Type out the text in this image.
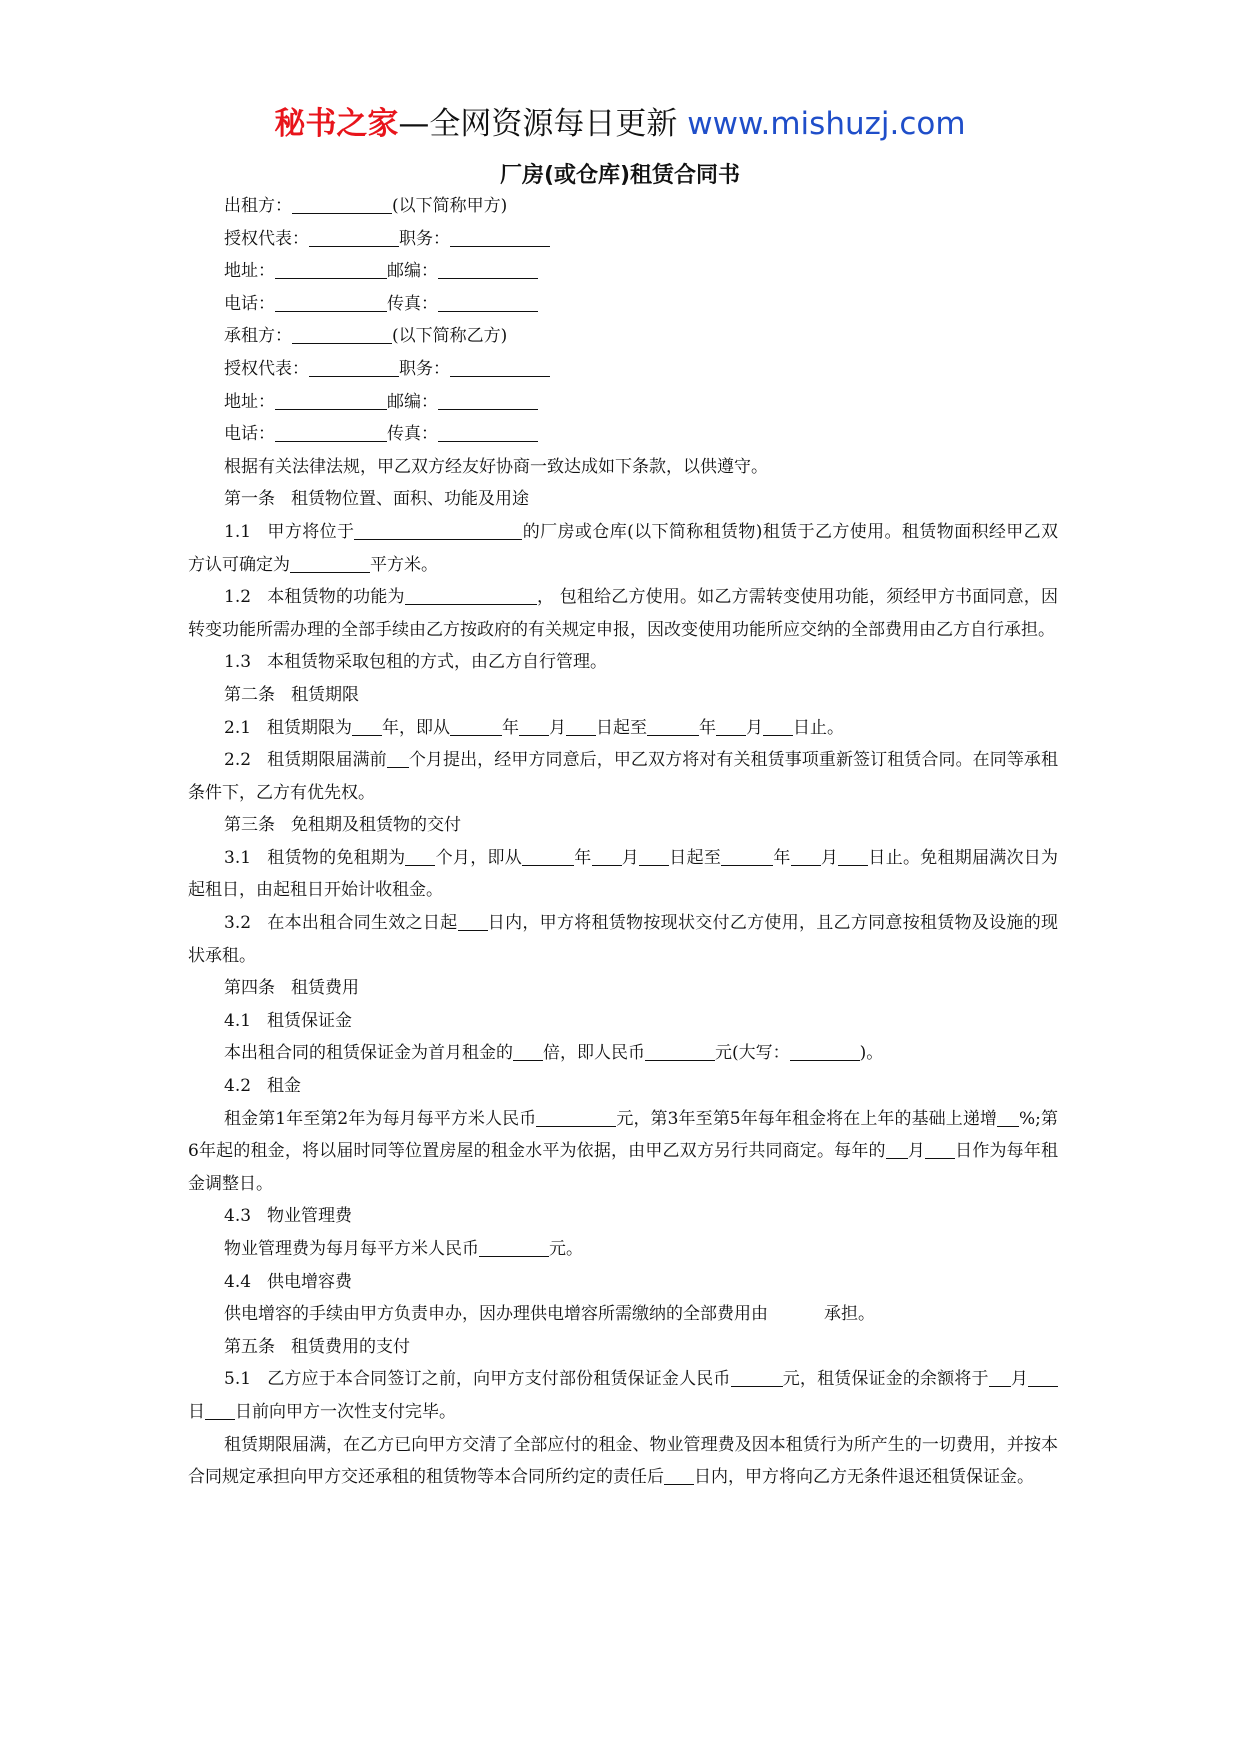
秘书之家—全网资源每日更新 www.mishuzj.com
厂房(或仓库)租赁合同书

出租方：	(以下简称甲方)

授权代表：	职务：

地址：	邮编：

电话：	传真：

承租方：	(以下简称乙方)

授权代表：	职务：

地址：	邮编：

电话：	传真：

根据有关法律法规，甲乙双方经友好协商一致达成如下条款，以供遵守。

第一条 租赁物位置、面积、功能及用途

1.1 甲方将位于	的厂房或仓库(以下简称租赁物)租赁于乙方使用。租赁物面积经甲乙双方认可确定为	平方米。

1.2 本租赁物的功能为	， 包租给乙方使用。如乙方需转变使用功能，须经甲方书面同意，因转变功能所需办理的全部手续由乙方按政府的有关规定申报，因改变使用功能所应交纳的全部费用由乙方自行承担。

1.3 本租赁物采取包租的方式，由乙方自行管理。

第二条 租赁期限

2.1 租赁期限为 年，即从	年 月 日起至	年 月 日止。

2.2 租赁期限届满前 个月提出，经甲方同意后，甲乙双方将对有关租赁事项重新签订租赁合同。在同等承租条件下，乙方有优先权。

第三条 免租期及租赁物的交付

3.1 租赁物的免租期为 个月，即从	年 月 日起至	年 月 日止。免租期届满次日为起租日，由起租日开始计收租金。

3.2 在本出租合同生效之日起 日内，甲方将租赁物按现状交付乙方使用，且乙方同意按租赁物及设施的现状承租。

第四条 租赁费用

4.1 租赁保证金

本出租合同的租赁保证金为首月租金的 倍，即人民币	元(大写：	)。

4.2 租金

租金第1年至第2年为每月每平方米人民币	元，第3年至第5年每年租金将在上年的基础上递增 %;第6年起的租金，将以届时同等位置房屋的租金水平为依据，由甲乙双方另行共同商定。每年的 月 日作为每年租金调整日。

4.3 物业管理费

物业管理费为每月每平方米人民币	元。

4.4 供电增容费

供电增容的手续由甲方负责申办，因办理供电增容所需缴纳的全部费用由	承担。

第五条 租赁费用的支付

5.1 乙方应于本合同签订之前，向甲方支付部份租赁保证金人民币	元，租赁保证金的余额将于 月日 日前向甲方一次性支付完毕。

租赁期限届满，在乙方已向甲方交清了全部应付的租金、物业管理费及因本租赁行为所产生的一切费用，并按本合同规定承担向甲方交还承租的租赁物等本合同所约定的责任后 日内，甲方将向乙方无条件退还租赁保证金。
